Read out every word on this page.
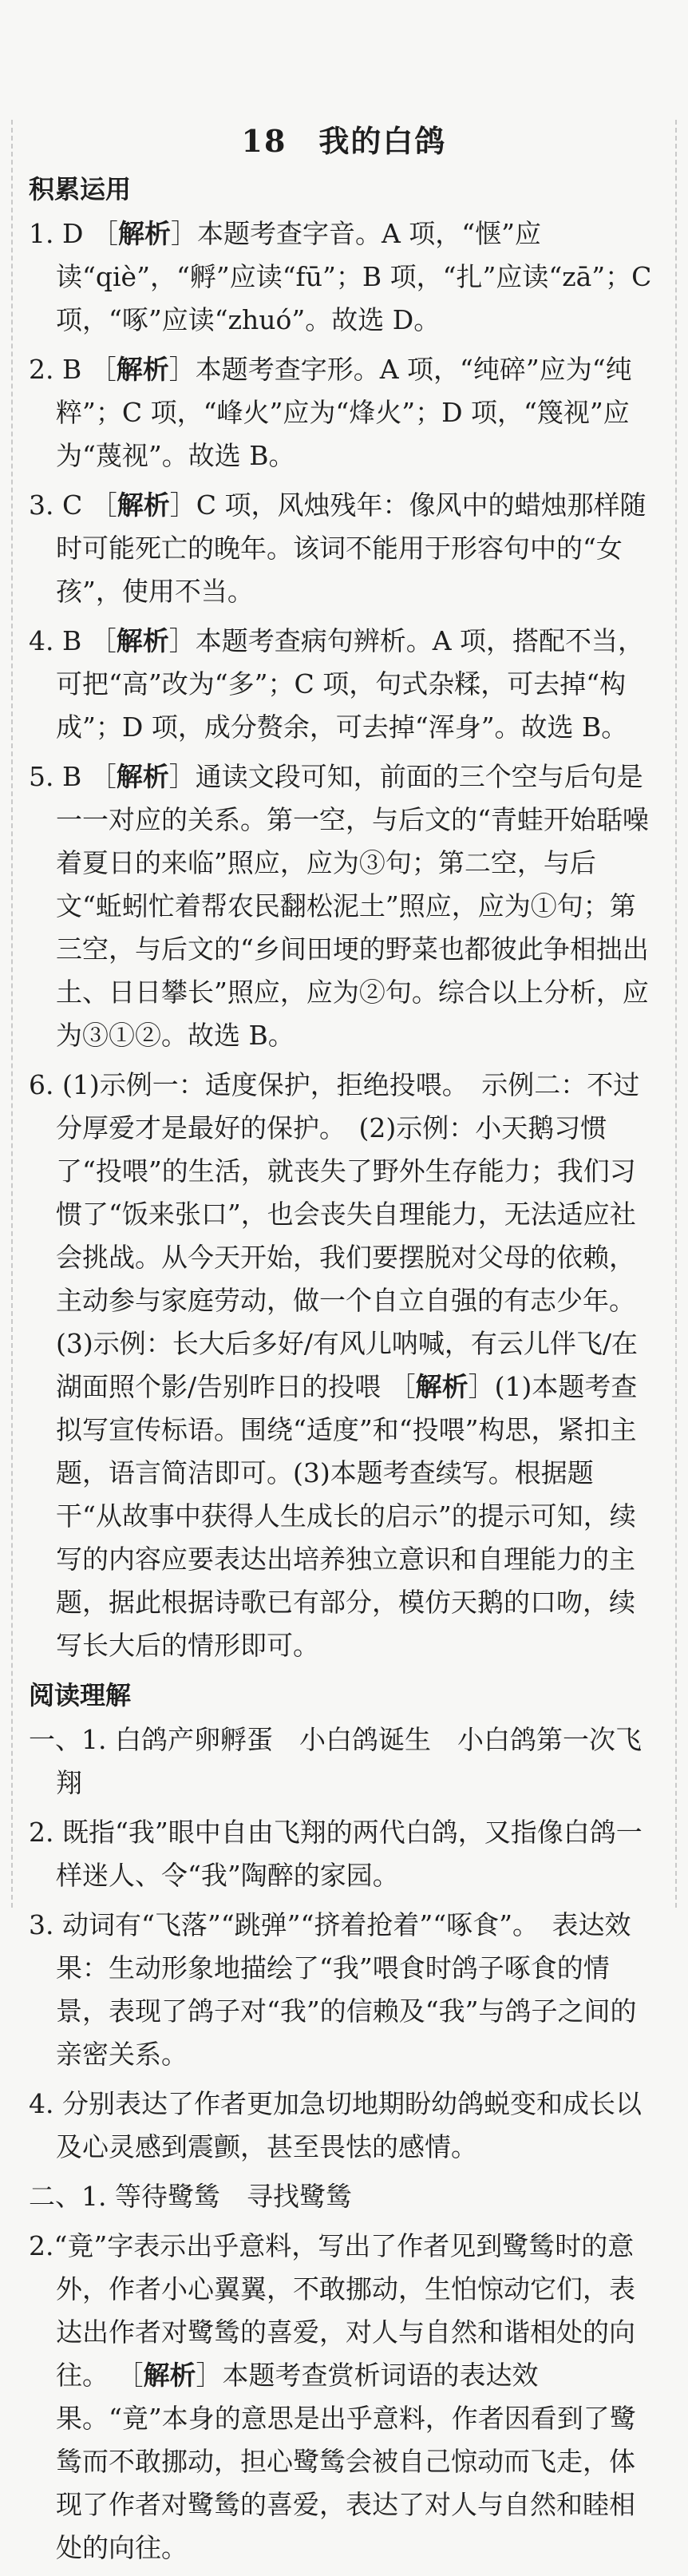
18　我的白鸽
积累运用

1. D ［解析］本题考查字音。A 项，“惬”应读“qiè”，“孵”应读“fū”；B 项，“扎”应读“zā”；C 项，“啄”应读“zhuó”。故选 D。

2. B ［解析］本题考查字形。A 项，“纯碎”应为“纯粹”；C 项，“峰火”应为“烽火”；D 项，“篾视”应为“蔑视”。故选 B。

3. C ［解析］C 项，风烛残年：像风中的蜡烛那样随时可能死亡的晚年。该词不能用于形容句中的“女孩”，使用不当。

4. B ［解析］本题考查病句辨析。A 项，搭配不当，可把“高”改为“多”；C 项，句式杂糅，可去掉“构成”；D 项，成分赘余，可去掉“浑身”。故选 B。

5. B ［解析］通读文段可知，前面的三个空与后句是一一对应的关系。第一空，与后文的“青蛙开始聒噪着夏日的来临”照应，应为③句；第二空，与后文“蚯蚓忙着帮农民翻松泥土”照应，应为①句；第三空，与后文的“乡间田埂的野菜也都彼此争相拙出土、日日攀长”照应，应为②句。综合以上分析，应为③①②。故选 B。

6. (1)示例一：适度保护，拒绝投喂。　示例二：不过分厚爱才是最好的保护。　(2)示例：小天鹅习惯了“投喂”的生活，就丧失了野外生存能力；我们习惯了“饭来张口”，也会丧失自理能力，无法适应社会挑战。从今天开始，我们要摆脱对父母的依赖，主动参与家庭劳动，做一个自立自强的有志少年。　(3)示例：长大后多好/有风儿呐喊，有云儿伴飞/在湖面照个影/告别昨日的投喂 ［解析］(1)本题考查拟写宣传标语。围绕“适度”和“投喂”构思，紧扣主题，语言简洁即可。(3)本题考查续写。根据题干“从故事中获得人生成长的启示”的提示可知，续写的内容应要表达出培养独立意识和自理能力的主题，据此根据诗歌已有部分，模仿天鹅的口吻，续写长大后的情形即可。

阅读理解

一、1. 白鸽产卵孵蛋　小白鸽诞生　小白鸽第一次飞翔

2. 既指“我”眼中自由飞翔的两代白鸽，又指像白鸽一样迷人、令“我”陶醉的家园。

3. 动词有“飞落”“跳弹”“挤着抢着”“啄食”。　表达效果：生动形象地描绘了“我”喂食时鸽子啄食的情景，表现了鸽子对“我”的信赖及“我”与鸽子之间的亲密关系。

4. 分别表达了作者更加急切地期盼幼鸽蜕变和成长以及心灵感到震颤，甚至畏怯的感情。

二、1. 等待鹭鸶　寻找鹭鸶

2.“竟”字表示出乎意料，写出了作者见到鹭鸶时的意外，作者小心翼翼，不敢挪动，生怕惊动它们，表达出作者对鹭鸶的喜爱，对人与自然和谐相处的向往。 ［解析］本题考查赏析词语的表达效果。“竟”本身的意思是出乎意料，作者因看到了鹭鸶而不敢挪动，担心鹭鸶会被自己惊动而飞走，体现了作者对鹭鸶的喜爱，表达了对人与自然和睦相处的向往。
